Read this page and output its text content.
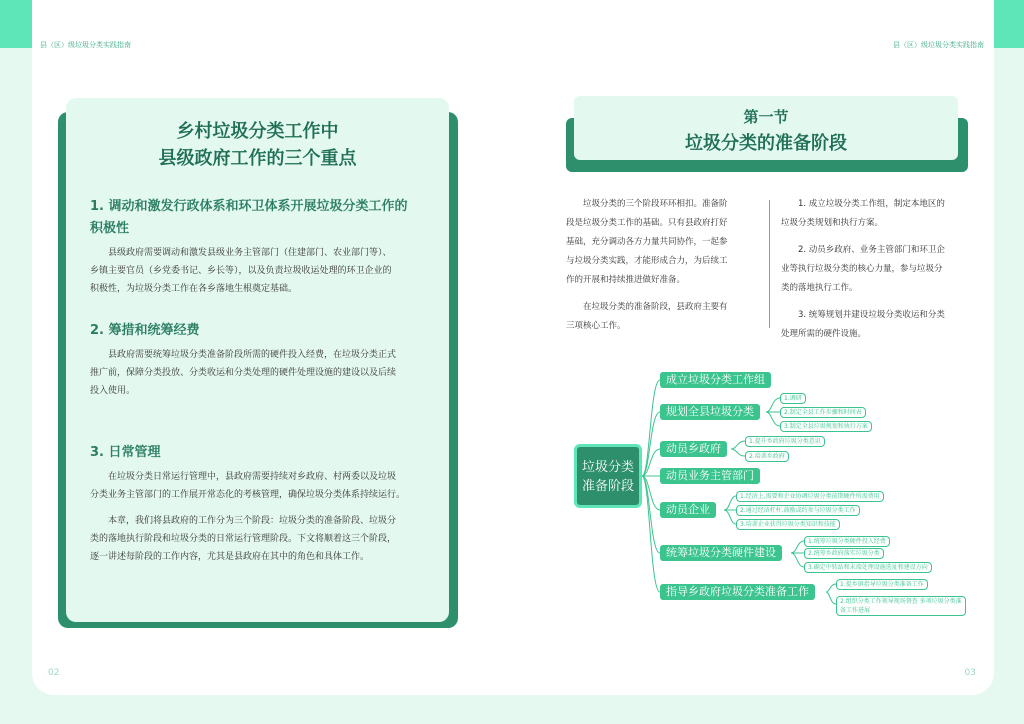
县（区）级垃圾分类实践指南	县（区）级垃圾分类实践指南
02	03
乡村垃圾分类工作中
县级政府工作的三个重点
1. 调动和激发行政体系和环卫体系开展垃圾分类工作的
积极性
县级政府需要调动和激发县级业务主管部门（住建部门、农业部门等）、
乡镇主要官员（乡党委书记、乡长等），以及负责垃圾收运处理的环卫企业的
积极性，为垃圾分类工作在各乡落地生根奠定基础。
2. 筹措和统筹经费
县政府需要统筹垃圾分类准备阶段所需的硬件投入经费，在垃圾分类正式
推广前，保障分类投放、分类收运和分类处理的硬件处理设施的建设以及后续
投入使用。
3. 日常管理
在垃圾分类日常运行管理中，县政府需要持续对乡政府、村两委以及垃圾
分类业务主管部门的工作展开常态化的考核管理，确保垃圾分类体系持续运行。
本章，我们将县政府的工作分为三个阶段：垃圾分类的准备阶段、垃圾分
类的落地执行阶段和垃圾分类的日常运行管理阶段。下文将顺着这三个阶段，
逐一讲述每阶段的工作内容，尤其是县政府在其中的角色和具体工作。
第一节
垃圾分类的准备阶段
垃圾分类的三个阶段环环相扣。准备阶
段是垃圾分类工作的基础。只有县政府打好
基础，充分调动各方力量共同协作，一起参
与垃圾分类实践，才能形成合力，为后续工
作的开展和持续推进做好准备。
在垃圾分类的准备阶段，县政府主要有
三项核心工作。
1. 成立垃圾分类工作组，制定本地区的
垃圾分类规划和执行方案。
2. 动员乡政府、业务主管部门和环卫企
业等执行垃圾分类的核心力量，参与垃圾分
类的落地执行工作。
3. 统筹规划并建设垃圾分类收运和分类
处理所需的硬件设施。
垃圾分类
准备阶段
成立垃圾分类工作组
规划全县垃圾分类
动员乡政府
动员业务主管部门
动员企业
统筹垃圾分类硬件建设
指导乡政府垃圾分类准备工作
1.调研
2.制定全县工作步骤和时间表
3.制定全县垃圾规划和执行方案
1.提升乡政府垃圾分类意识
2.培训乡政府
1.经济上,需要和企业协调垃圾分类前期硬件所需费用
2.通过经济杠杆,鼓励或约参与垃圾分类工作
3.培训企业获得垃圾分类知识和技能
1.统筹垃圾分类硬件投入经费
2.统筹乡政府落实垃圾分类
3.确定中转站和末端处理设施选址和建设方向
1.提乡镇指导垃圾分类准备工作
2.组织分类工作领导现场督查 多项垃圾分类准备工作进展
